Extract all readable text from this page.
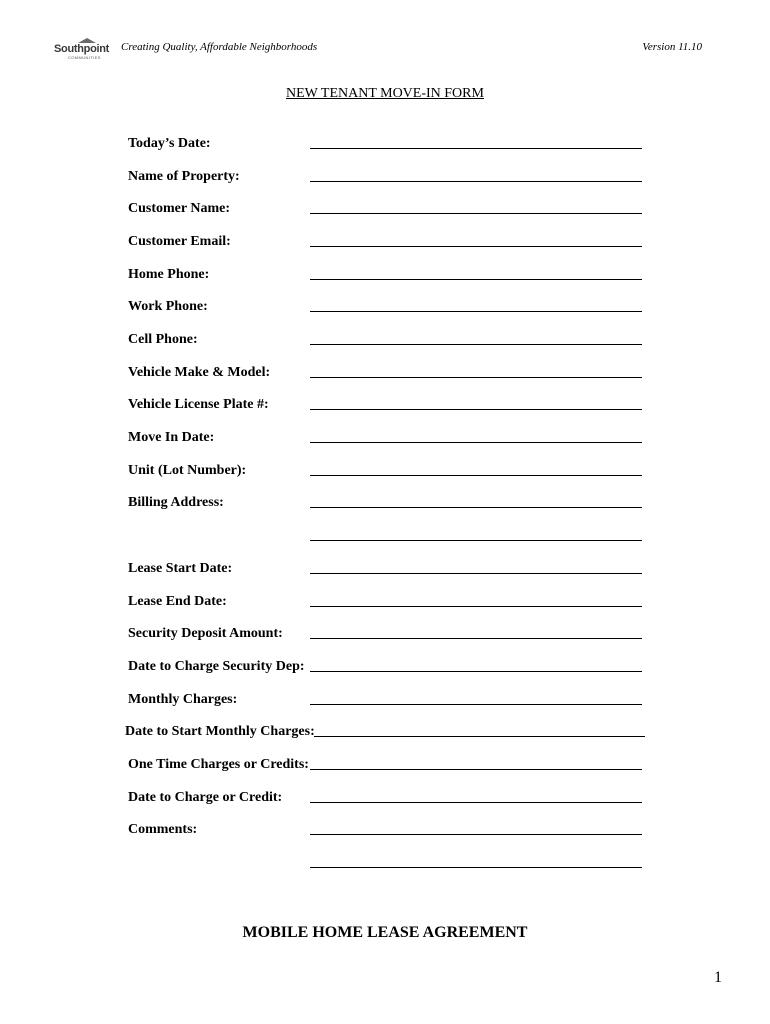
Southpoint
COMMUNITIES
Creating Quality, Affordable Neighborhoods	Version 11.10
NEW TENANT MOVE-IN FORM
Today’s Date:
Name of Property:
Customer Name:
Customer Email:
Home Phone:
Work Phone:
Cell Phone:
Vehicle Make & Model:
Vehicle License Plate #:
Move In Date:
Unit (Lot Number):
Billing Address:
Lease Start Date:
Lease End Date:
Security Deposit Amount:
Date to Charge Security Dep:
Monthly Charges:
Date to Start Monthly Charges:
One Time Charges or Credits:
Date to Charge or Credit:
Comments:
MOBILE HOME LEASE AGREEMENT
1
